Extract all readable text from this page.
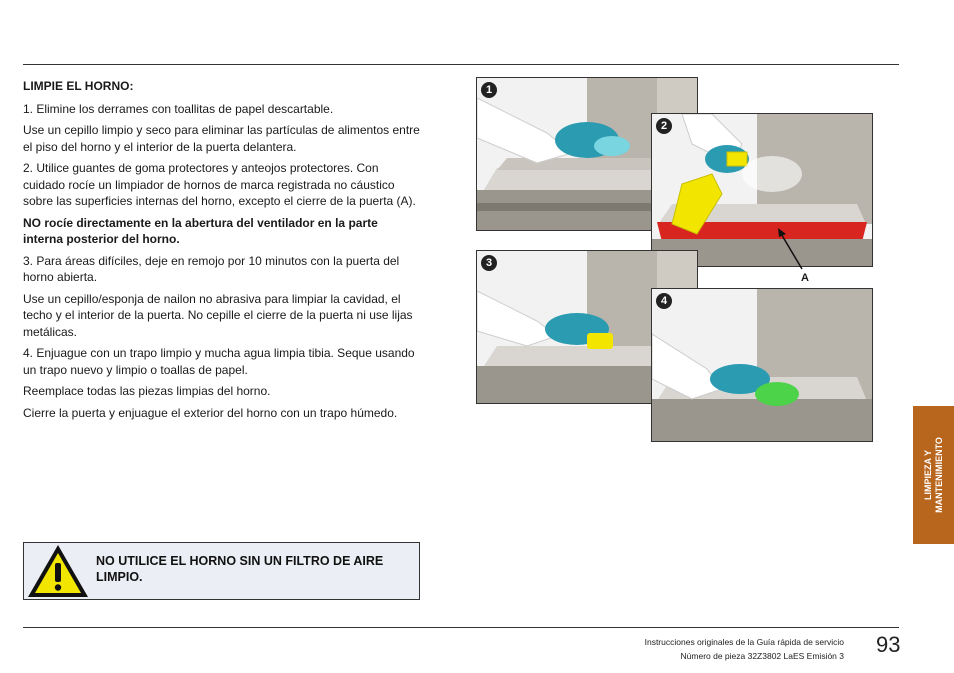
LIMPIE EL HORNO:

1. Elimine los derrames con toallitas de papel descartable.

Use un cepillo limpio y seco para eliminar las partículas de alimentos entre el piso del horno y el interior de la puerta delantera.

2. Utilice guantes de goma protectores y anteojos protectores. Con cuidado rocíe un limpiador de hornos de marca registrada no cáustico sobre las superficies internas del horno, excepto el cierre de la puerta (A).

NO rocíe directamente en la abertura del ventilador en la parte interna posterior del horno.

3. Para áreas difíciles, deje en remojo por 10 minutos con la puerta del horno abierta.

Use un cepillo/esponja de nailon no abrasiva para limpiar la cavidad, el techo y el interior de la puerta. No cepille el cierre de la puerta ni use lijas metálicas.

4. Enjuague con un trapo limpio y mucha agua limpia tibia. Seque usando un trapo nuevo y limpio o toallas de papel.

Reemplace todas las piezas limpias del horno.

Cierre la puerta y enjuague el exterior del horno con un trapo húmedo.

1
2
A
3
4
NO UTILICE EL HORNO SIN UN FILTRO DE AIRE LIMPIO.
LIMPIEZA Y MANTENIMIENTO
Instrucciones originales de la Guía rápida de servicio
Número de pieza 32Z3802 LaES Emisión 3 93
